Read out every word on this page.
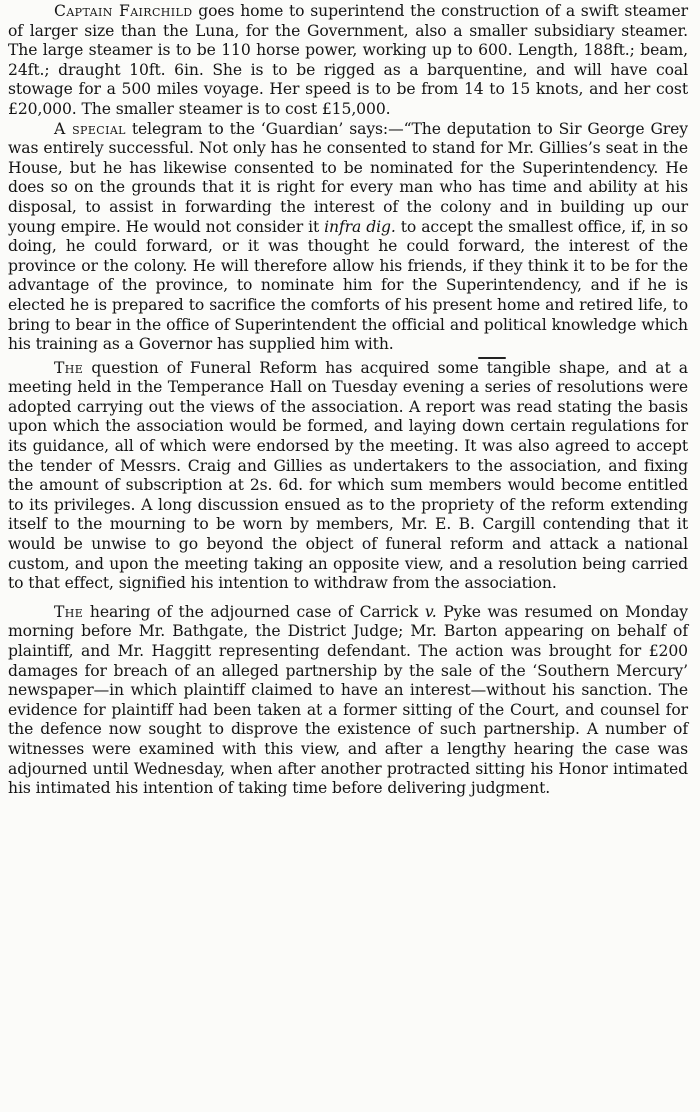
Captain Fairchild goes home to superintend the construction of a swift steamer of larger size than the Luna, for the Government, also a smaller subsidiary steamer. The large steamer is to be 110 horse power, working up to 600. Length, 188ft.; beam, 24ft.; draught 10ft. 6in. She is to be rigged as a barquentine, and will have coal stowage for a 500 miles voyage. Her speed is to be from 14 to 15 knots, and her cost £20,000. The smaller steamer is to cost £15,000.

A special telegram to the ‘Guardian’ says:—“The deputation to Sir George Grey was entirely successful. Not only has he consented to stand for Mr. Gillies’s seat in the House, but he has likewise consented to be nominated for the Superintendency. He does so on the grounds that it is right for every man who has time and ability at his disposal, to assist in forwarding the interest of the colony and in building up our young empire. He would not consider it infra dig. to accept the smallest office, if, in so doing, he could forward, or it was thought he could forward, the interest of the province or the colony. He will therefore allow his friends, if they think it to be for the advantage of the province, to nominate him for the Superintendency, and if he is elected he is prepared to sacrifice the comforts of his present home and retired life, to bring to bear in the office of Superintendent the official and political knowledge which his training as a Governor has supplied him with.

The question of Funeral Reform has acquired some tangible shape, and at a meeting held in the Temperance Hall on Tuesday evening a series of resolutions were adopted carrying out the views of the association. A report was read stating the basis upon which the association would be formed, and laying down certain regulations for its guidance, all of which were endorsed by the meeting. It was also agreed to accept the tender of Messrs. Craig and Gillies as undertakers to the association, and fixing the amount of subscription at 2s. 6d. for which sum members would become entitled to its privileges. A long discussion ensued as to the propriety of the reform extending itself to the mourning to be worn by members, Mr. E. B. Cargill contending that it would be unwise to go beyond the object of funeral reform and attack a national custom, and upon the meeting taking an opposite view, and a resolution being carried to that effect, signified his intention to withdraw from the association.

The hearing of the adjourned case of Carrick v. Pyke was resumed on Monday morning before Mr. Bathgate, the District Judge; Mr. Barton appearing on behalf of plaintiff, and Mr. Haggitt representing defendant. The action was brought for £200 damages for breach of an alleged partnership by the sale of the ‘Southern Mercury’ newspaper—in which plaintiff claimed to have an interest—without his sanction. The evidence for plaintiff had been taken at a former sitting of the Court, and counsel for the defence now sought to disprove the existence of such partnership. A number of witnesses were examined with this view, and after a lengthy hearing the case was adjourned until Wednesday, when after another protracted sitting his Honor intimated his intimated his intention of taking time before delivering judgment.
